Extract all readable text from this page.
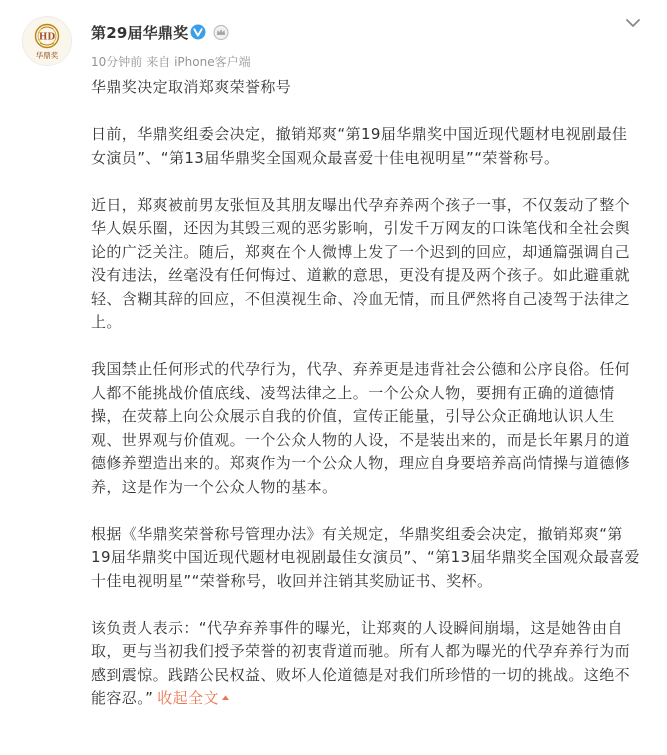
HD
华鼎奖
第29届华鼎奖
10分钟前 来自 iPhone客户端

华鼎奖决定取消郑爽荣誉称号

日前，华鼎奖组委会决定，撤销郑爽“第19届华鼎奖中国近现代题材电视剧最佳女演员”、“第13届华鼎奖全国观众最喜爱十佳电视明星”“荣誉称号。

近日，郑爽被前男友张恒及其朋友曝出代孕弃养两个孩子一事，不仅轰动了整个华人娱乐圈，还因为其毁三观的恶劣影响，引发千万网友的口诛笔伐和全社会舆论的广泛关注。随后，郑爽在个人微博上发了一个迟到的回应，却通篇强调自己没有违法，丝毫没有任何悔过、道歉的意思，更没有提及两个孩子。如此避重就轻、含糊其辞的回应，不但漠视生命、冷血无情，而且俨然将自己凌驾于法律之上。

我国禁止任何形式的代孕行为，代孕、弃养更是违背社会公德和公序良俗。任何人都不能挑战价值底线、凌驾法律之上。一个公众人物，要拥有正确的道德情操，在荧幕上向公众展示自我的价值，宣传正能量，引导公众正确地认识人生观、世界观与价值观。一个公众人物的人设，不是装出来的，而是长年累月的道德修养塑造出来的。郑爽作为一个公众人物，理应自身要培养高尚情操与道德修养，这是作为一个公众人物的基本。

根据《华鼎奖荣誉称号管理办法》有关规定，华鼎奖组委会决定，撤销郑爽“第19届华鼎奖中国近现代题材电视剧最佳女演员”、“第13届华鼎奖全国观众最喜爱十佳电视明星”“荣誉称号，收回并注销其奖励证书、奖杯。

该负责人表示：“代孕弃养事件的曝光，让郑爽的人设瞬间崩塌，这是她咎由自取，更与当初我们授予荣誉的初衷背道而驰。所有人都为曝光的代孕弃养行为而感到震惊。践踏公民权益、败坏人伦道德是对我们所珍惜的一切的挑战。这绝不能容忍。” 收起全文
